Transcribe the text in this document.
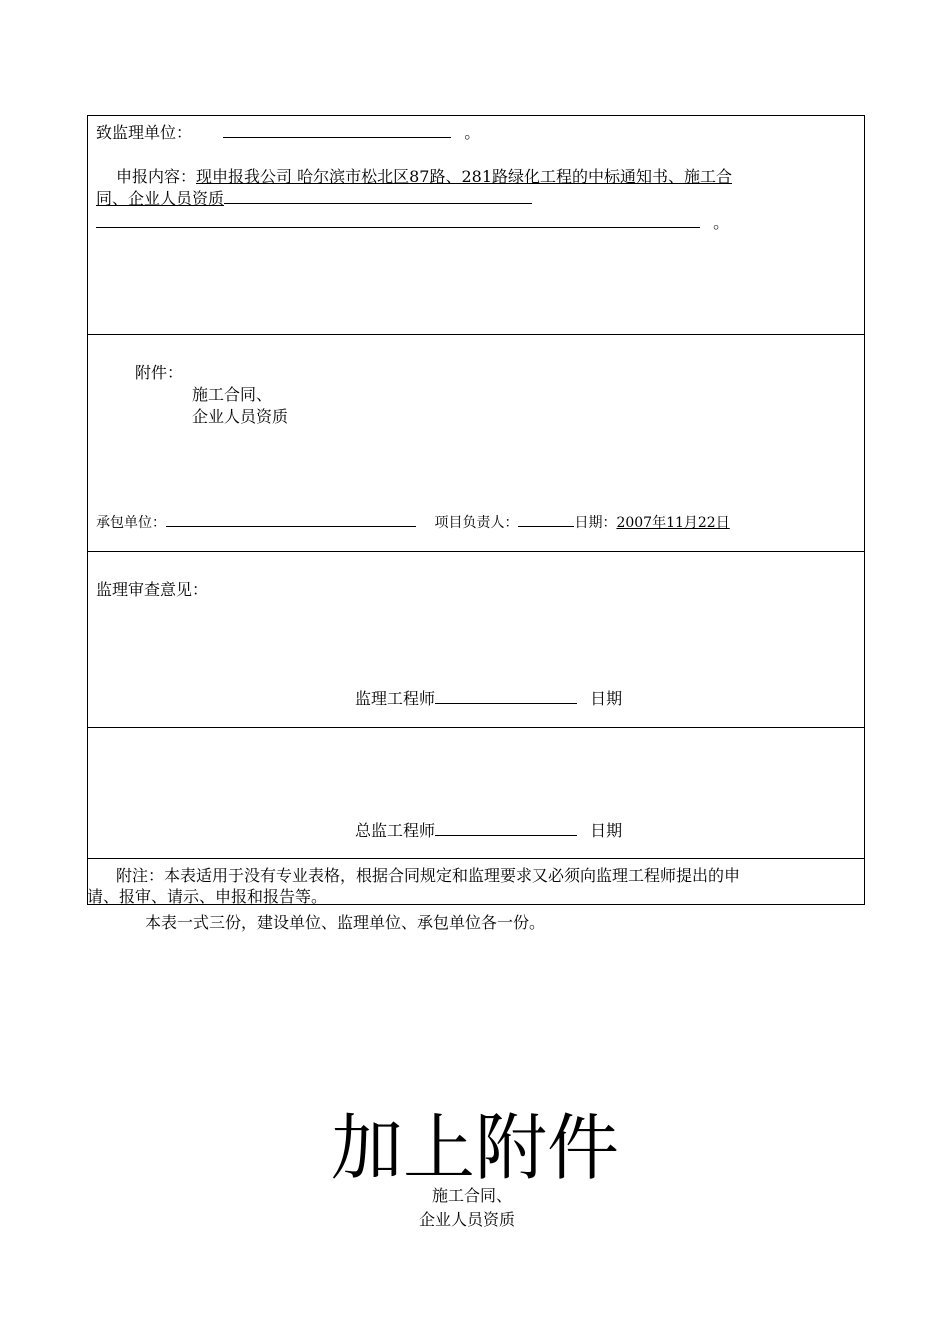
致监理单位：	。
申报内容：现申报我公司 哈尔滨市松北区87路、281路绿化工程的中标通知书、施工合
同、企业人员资质
。
附件：
施工合同、
企业人员资质
承包单位：	项目负责人：	日期：2007年11月22日
监理审查意见：
监理工程师	日期
总监工程师	日期
附注：本表适用于没有专业表格，根据合同规定和监理要求又必须向监理工程师提出的申
请、报审、请示、申报和报告等。
本表一式三份，建设单位、监理单位、承包单位各一份。
加上附件
施工合同、
企业人员资质
